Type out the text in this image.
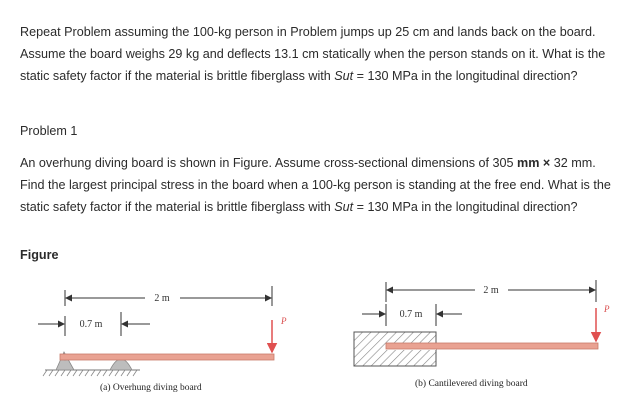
Repeat Problem assuming the 100-kg person in Problem jumps up 25 cm and lands back on the board. Assume the board weighs 29 kg and deflects 13.1 cm statically when the person stands on it. What is the static safety factor if the material is brittle fiberglass with Sut = 130 MPa in the longitudinal direction?

Problem 1

An overhung diving board is shown in Figure. Assume cross-sectional dimensions of 305 mm × 32 mm. Find the largest principal stress in the board when a 100-kg person is standing at the free end. What is the static safety factor if the material is brittle fiberglass with Sut = 130 MPa in the longitudinal direction?

Figure

2 m
0.7 m	P
(a) Overhung diving board
2 m
0.7 m	P
(b) Cantilevered diving board
